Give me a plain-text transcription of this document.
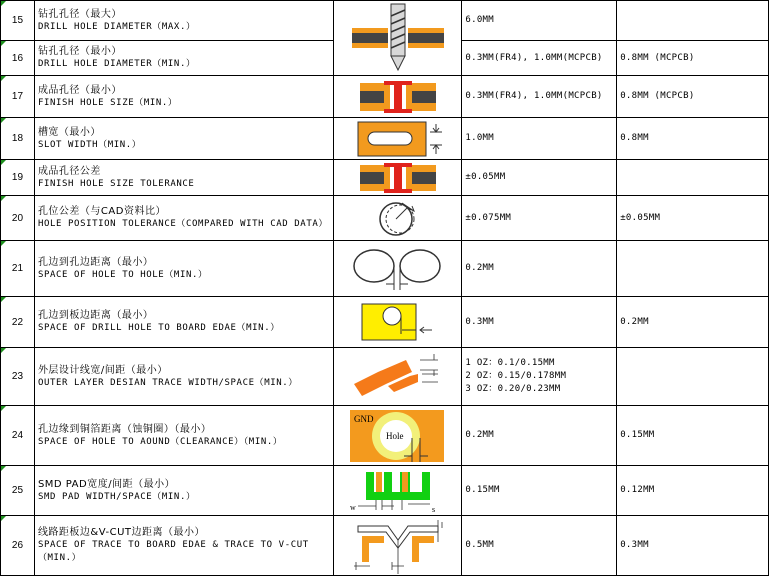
15	钻孔孔径（最大）
DRILL HOLE DIAMETER（MAX.）		6.0MM	
16	钻孔孔径（最小）
DRILL HOLE DIAMETER（MIN.）		0.3MM(FR4), 1.0MM(MCPCB)	0.8MM (MCPCB)
17	成品孔径（最小）
FINISH HOLE SIZE（MIN.）		0.3MM(FR4), 1.0MM(MCPCB)	0.8MM (MCPCB)
18	槽宽（最小）
SLOT WIDTH（MIN.）		1.0MM	0.8MM
19	成品孔径公差
FINISH HOLE SIZE TOLERANCE		±0.05MM	
20	孔位公差（与CAD资料比）
HOLE POSITION TOLERANCE（COMPARED WITH CAD DATA）		±0.075MM	±0.05MM
21	孔边到孔边距离（最小）
SPACE OF HOLE TO HOLE（MIN.）		0.2MM	
22	孔边到板边距离（最小）
SPACE OF DRILL HOLE TO BOARD EDAE（MIN.）		0.3MM	0.2MM
23	外层设计线宽/间距（最小）
OUTER LAYER DESIAN TRACE WIDTH/SPACE（MIN.）		1 OZ：0.1/0.15MM
2 OZ：0.15/0.178MM
3 OZ：0.20/0.23MM	

24	孔边缘到铜箔距离（蚀铜圈）（最小）
SPACE OF HOLE TO AOUND（CLEARANCE）（MIN.）	GND
Hole	0.2MM	0.15MM
25	SMD PAD宽度/间距（最小）
SMD PAD WIDTH/SPACE（MIN.）	w s	0.15MM	0.12MM
26	线路距板边&V-CUT边距离（最小）
SPACE OF TRACE TO BOARD EDAE & TRACE TO V-CUT（MIN.）		0.5MM	0.3MM
